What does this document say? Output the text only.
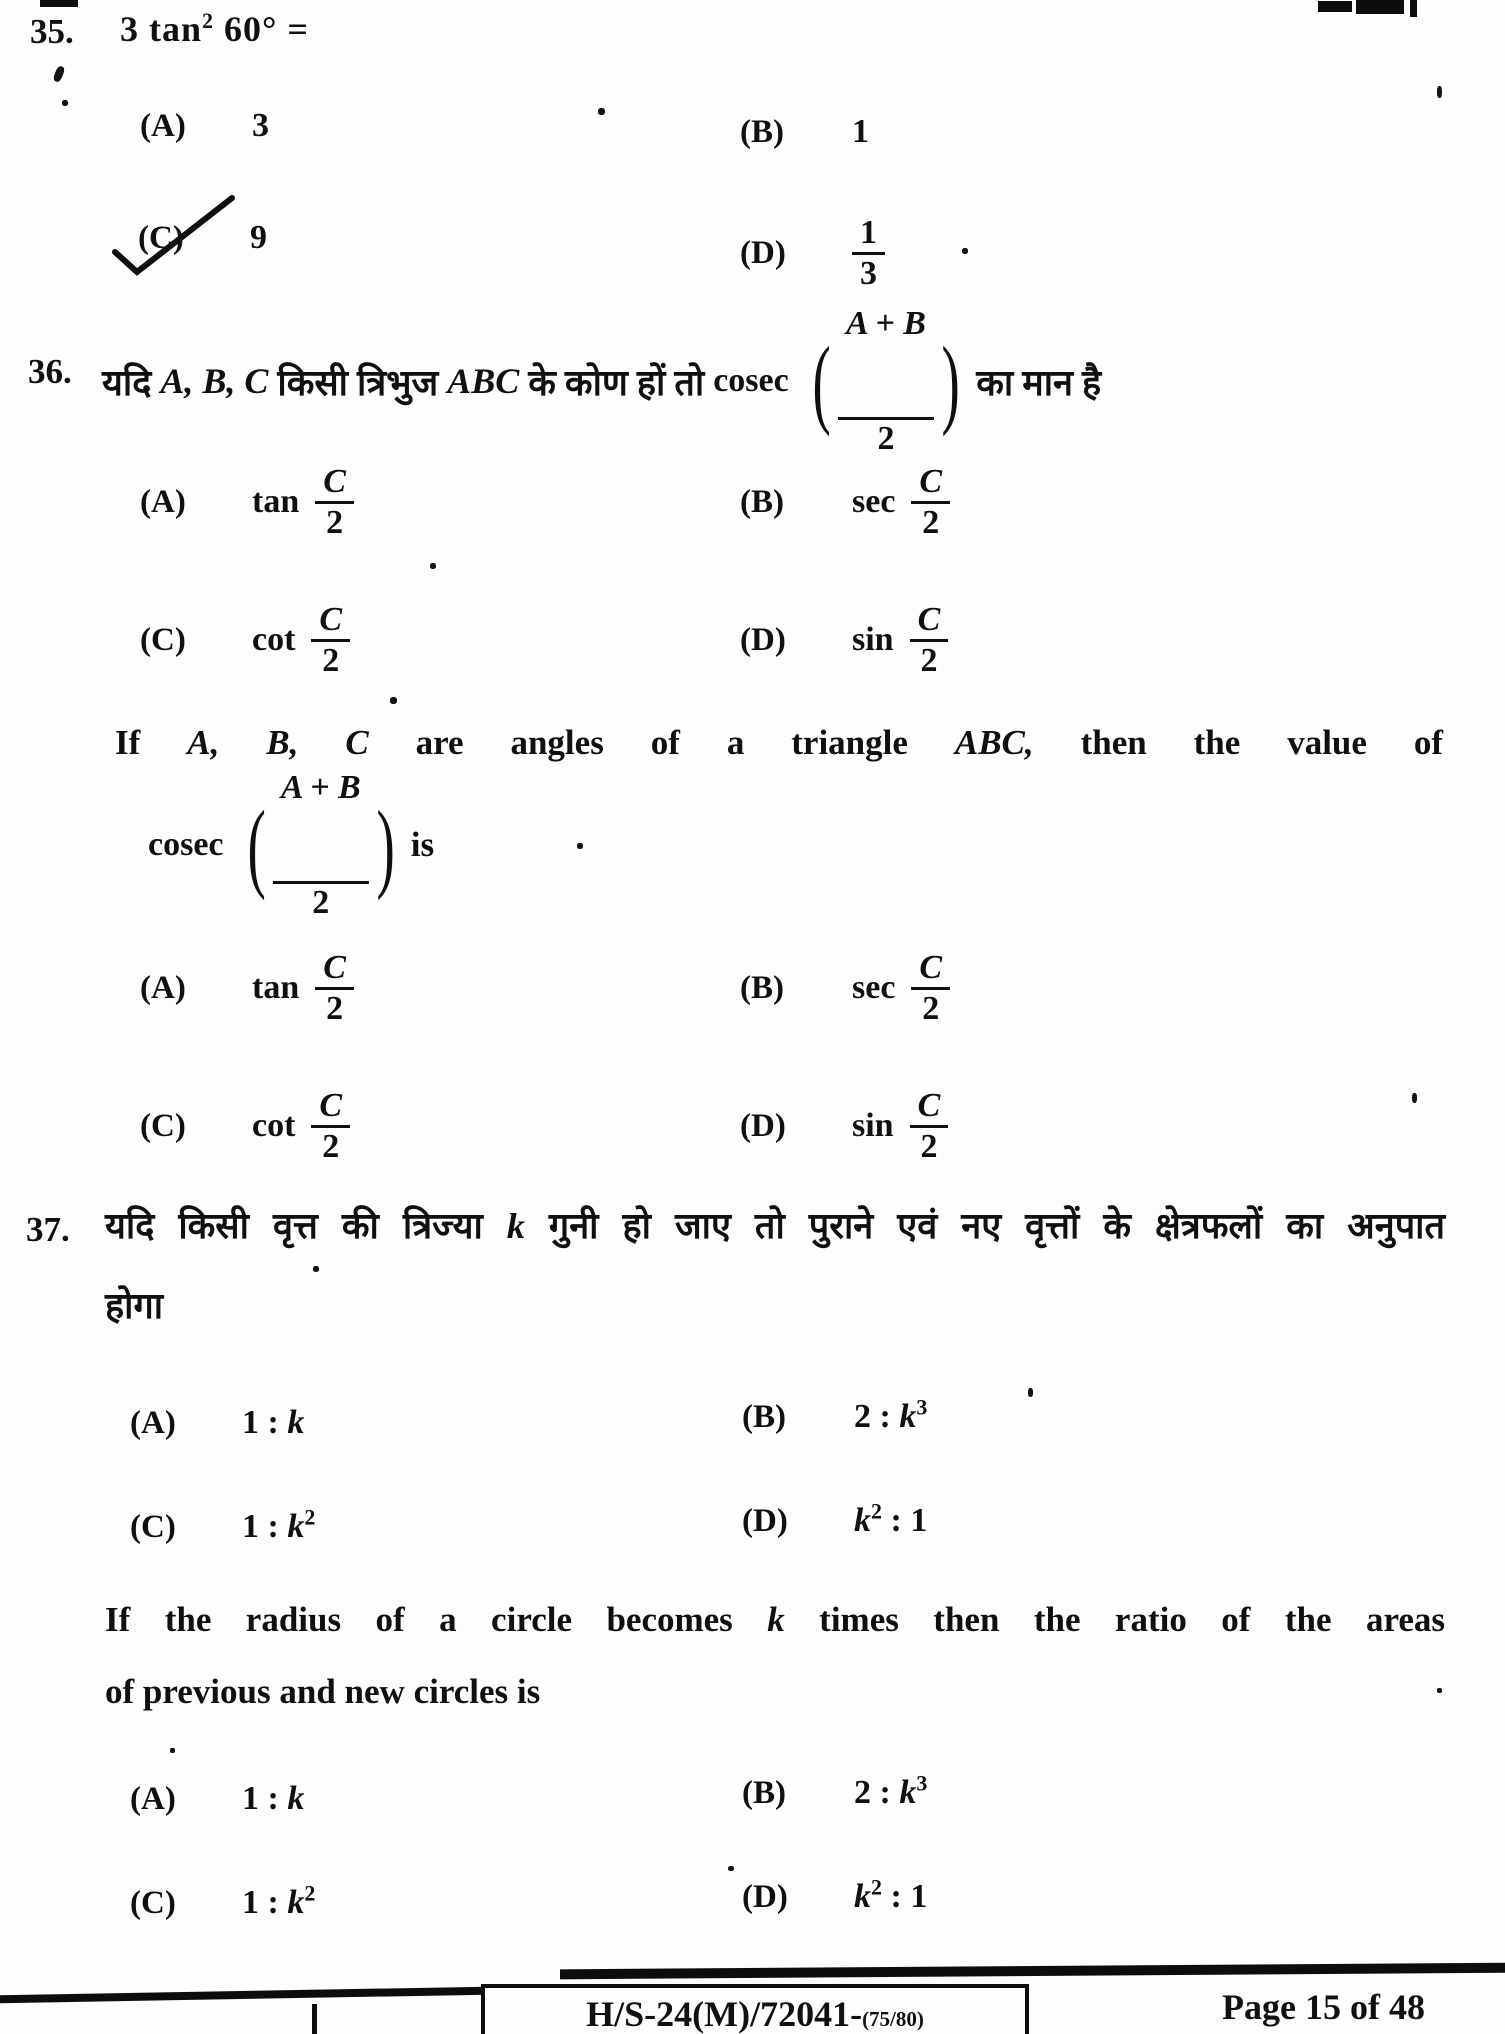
35. 3 $\tan^2 60^\circ$ =
(A)	3	(B)	1
(C)	9	(D)	$\frac{1}{3}$
36. यदि A, B, C किसी त्रिभुज ABC के कोण हों तो cosec (

$\frac{A + B}{2}$

) का मान है
(A)	$\tan \frac{C}{2}$	(B)	$\sec \frac{C}{2}$
(C)	$\cot \frac{C}{2}$	(D)	$\sin \frac{C}{2}$
If A, B, C are angles of a triangle ABC, then the value of
cosec (

$\frac{A + B}{2}$

) is
(A)	$\tan \frac{C}{2}$	(B)	$\sec \frac{C}{2}$
(C)	$\cot \frac{C}{2}$	(D)	$\sin \frac{C}{2}$
37. यदि किसी वृत्त की त्रिज्या k गुनी हो जाए तो पुराने एवं नए वृत्तों के क्षेत्रफलों का अनुपात
होगा
(A)	1 : k	(B)	2 : $k^3$
(C)	1 : $k^2$	(D)	$k^2$ : 1
If the radius of a circle becomes k times then the ratio of the areas
of previous and new circles is
(A)	1 : k	(B)	2 : $k^3$
(C)	1 : $k^2$	(D)	$k^2$ : 1
H/S-24(M)/72041-(75/80)	Page 15 of 48
